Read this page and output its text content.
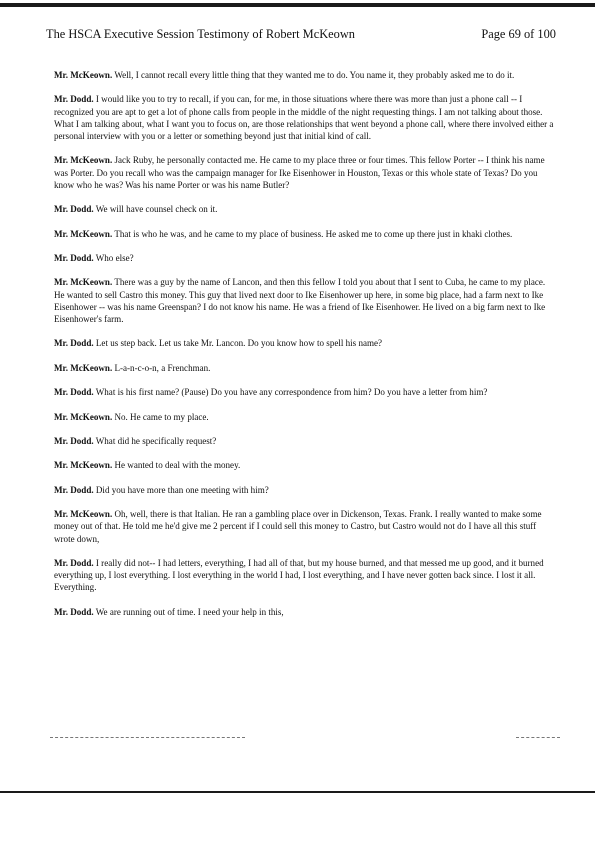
The HSCA Executive Session Testimony of Robert McKeown	Page 69 of 100

Mr. McKeown. Well, I cannot recall every little thing that they wanted me to do. You name it, they probably asked me to do it.

Mr. Dodd. I would like you to try to recall, if you can, for me, in those situations where there was more than just a phone call -- I recognized you are apt to get a lot of phone calls from people in the middle of the night requesting things. I am not talking about those. What I am talking about, what I want you to focus on, are those relationships that went beyond a phone call, where there involved either a personal interview with you or a letter or something beyond just that initial kind of call.

Mr. McKeown. Jack Ruby, he personally contacted me. He came to my place three or four times. This fellow Porter -- I think his name was Porter. Do you recall who was the campaign manager for Ike Eisenhower in Houston, Texas or this whole state of Texas? Do you know who he was? Was his name Porter or was his name Butler?

Mr. Dodd. We will have counsel check on it.

Mr. McKeown. That is who he was, and he came to my place of business. He asked me to come up there just in khaki clothes.

Mr. Dodd. Who else?

Mr. McKeown. There was a guy by the name of Lancon, and then this fellow I told you about that I sent to Cuba, he came to my place. He wanted to sell Castro this money. This guy that lived next door to Ike Eisenhower up here, in some big place, had a farm next to Ike Eisenhower -- was his name Greenspan? I do not know his name. He was a friend of Ike Eisenhower. He lived on a big farm next to Ike Eisenhower's farm.

Mr. Dodd. Let us step back. Let us take Mr. Lancon. Do you know how to spell his name?

Mr. McKeown. L-a-n-c-o-n, a Frenchman.

Mr. Dodd. What is his first name? (Pause) Do you have any correspondence from him? Do you have a letter from him?

Mr. McKeown. No. He came to my place.

Mr. Dodd. What did he specifically request?

Mr. McKeown. He wanted to deal with the money.

Mr. Dodd. Did you have more than one meeting with him?

Mr. McKeown. Oh, well, there is that Italian. He ran a gambling place over in Dickenson, Texas. Frank. I really wanted to make some money out of that. He told me he'd give me 2 percent if I could sell this money to Castro, but Castro would not do I have all this stuff wrote down,

Mr. Dodd. I really did not-- I had letters, everything, I had all of that, but my house burned, and that messed me up good, and it burned everything up, I lost everything. I lost everything in the world I had, I lost everything, and I have never gotten back since. I lost it all. Everything.

Mr. Dodd. We are running out of time. I need your help in this,
